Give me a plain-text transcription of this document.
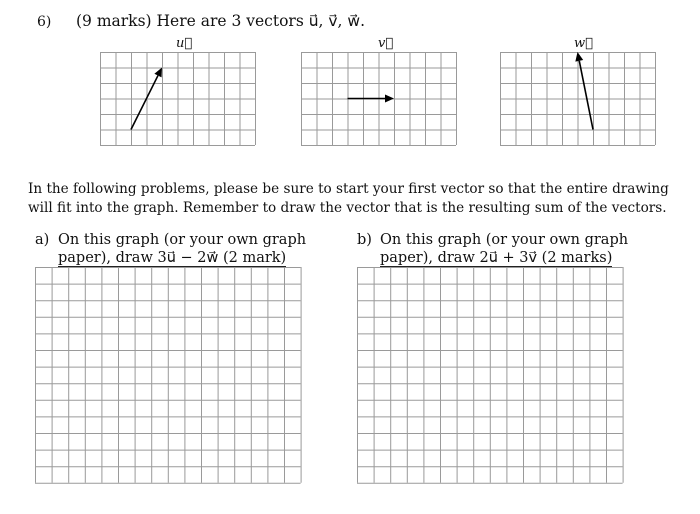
6) (9 marks) Here are 3 vectors u⃗, v⃗, w⃗.
u⃗	v⃗	w⃗
In the following problems, please be sure to start your first vector so that the entire drawing will fit into the graph. Remember to draw the vector that is the resulting sum of the vectors.
a) On this graph (or your own graph
paper), draw 3u⃗ − 2w⃗ (2 mark)
b) On this graph (or your own graph
paper), draw 2u⃗ + 3v⃗ (2 marks)
